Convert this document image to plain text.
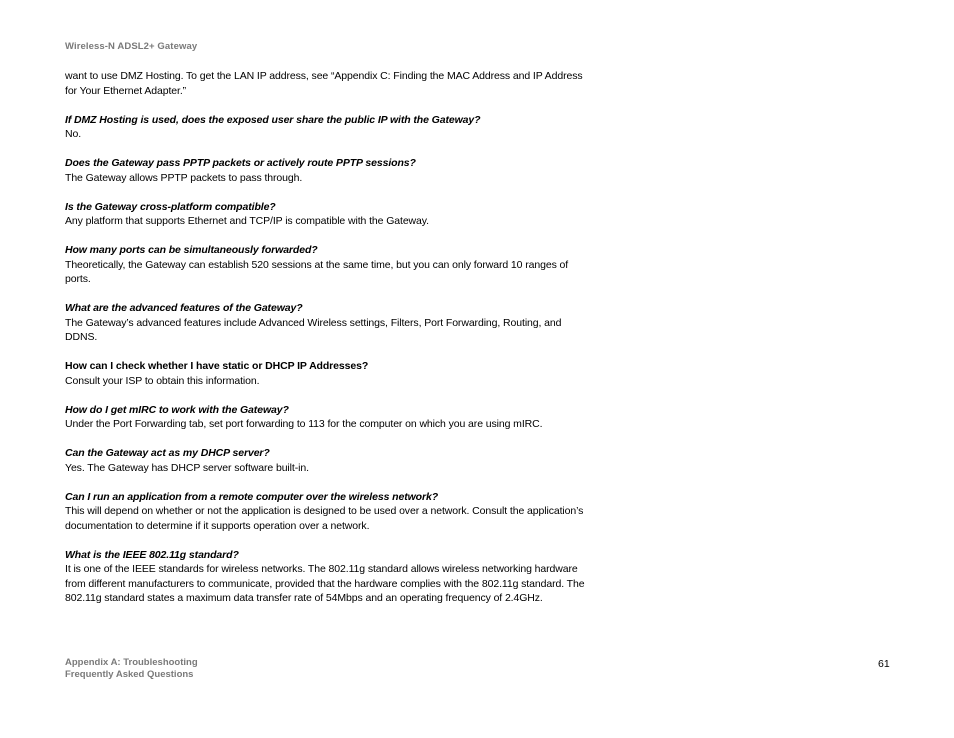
Wireless-N ADSL2+ Gateway

want to use DMZ Hosting. To get the LAN IP address, see “Appendix C: Finding the MAC Address and IP Address for Your Ethernet Adapter.”

If DMZ Hosting is used, does the exposed user share the public IP with the Gateway?

No.

Does the Gateway pass PPTP packets or actively route PPTP sessions?

The Gateway allows PPTP packets to pass through.

Is the Gateway cross-platform compatible?

Any platform that supports Ethernet and TCP/IP is compatible with the Gateway.

How many ports can be simultaneously forwarded?

Theoretically, the Gateway can establish 520 sessions at the same time, but you can only forward 10 ranges of ports.

What are the advanced features of the Gateway?

The Gateway’s advanced features include Advanced Wireless settings, Filters, Port Forwarding, Routing, and DDNS.

How can I check whether I have static or DHCP IP Addresses?

Consult your ISP to obtain this information.

How do I get mIRC to work with the Gateway?

Under the Port Forwarding tab, set port forwarding to 113 for the computer on which you are using mIRC.

Can the Gateway act as my DHCP server?

Yes. The Gateway has DHCP server software built-in.

Can I run an application from a remote computer over the wireless network?

This will depend on whether or not the application is designed to be used over a network. Consult the application’s documentation to determine if it supports operation over a network.

What is the IEEE 802.11g standard?

It is one of the IEEE standards for wireless networks. The 802.11g standard allows wireless networking hardware from different manufacturers to communicate, provided that the hardware complies with the 802.11g standard. The 802.11g standard states a maximum data transfer rate of 54Mbps and an operating frequency of 2.4GHz.

Appendix A: Troubleshooting
Frequently Asked Questions
61
